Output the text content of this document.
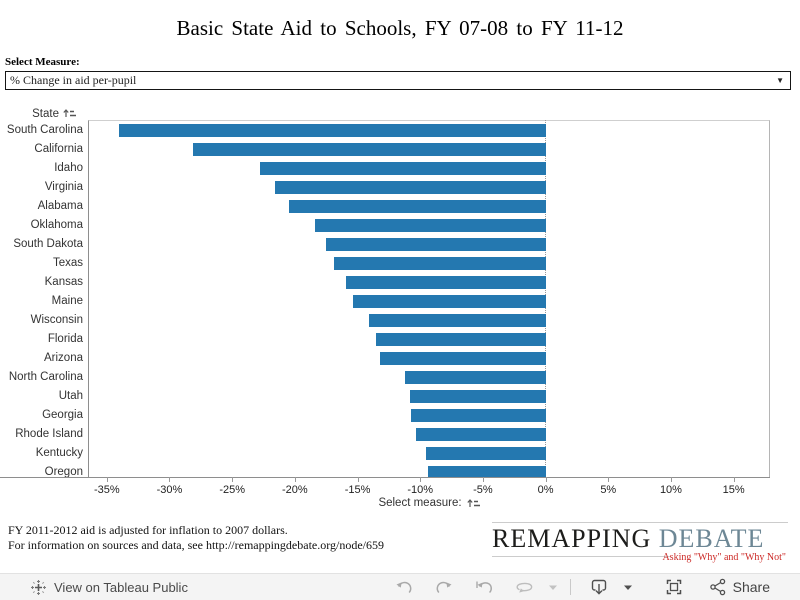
Basic State Aid to Schools, FY 07-08 to FY 11-12
Select Measure:
% Change in aid per-pupil	▼
State
South Carolina
California
Idaho
Virginia
Alabama
Oklahoma
South Dakota
Texas
Kansas
Maine
Wisconsin
Florida
Arizona
North Carolina
Utah
Georgia
Rhode Island
Kentucky
Oregon
-35%	-30%	-25%	-20%	-15%	-10%	-5%	0%	5%	10%	15%
Select measure:
FY 2011-2012 aid is adjusted for inflation to 2007 dollars.
For information on sources and data, see http://remappingdebate.org/node/659	REMAPPING DEBATE
Asking "Why" and "Why Not"
View on Tableau Public	Share
